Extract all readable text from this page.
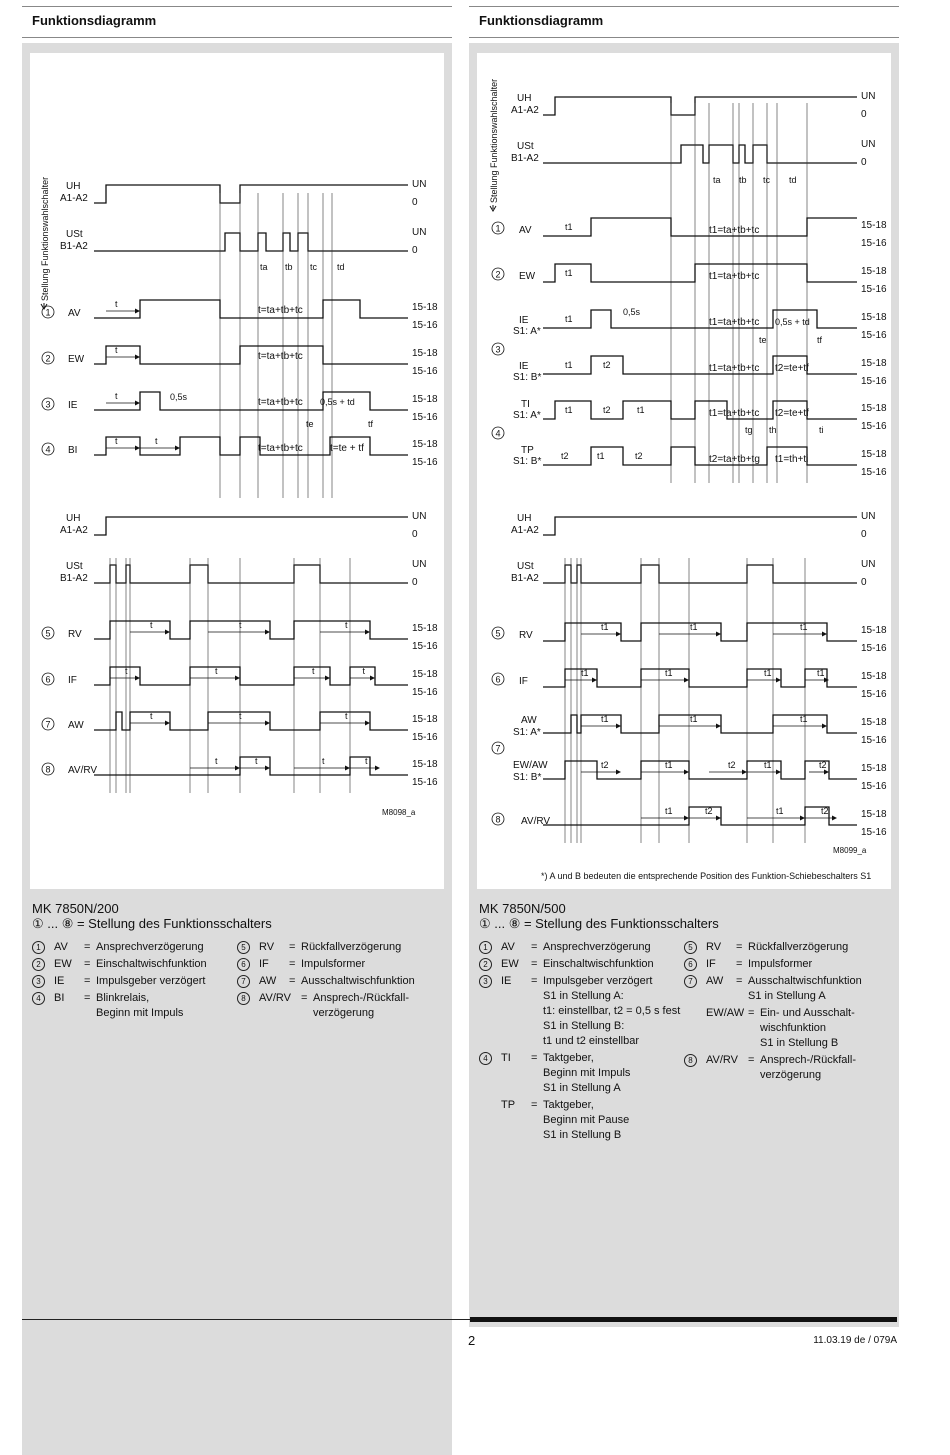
Funktionsdiagramm
Stellung Funktionswahlschalter UH
A1-A2
UN
0
USt
B1-A2
UN
0
ta tb tc td
1 AV
15-18
15-16
2 EW
15-18
15-16
3 IE
15-18
15-16
4 BI
15-18
15-16
t
t=ta+tb+tc
t
t=ta+tb+tc
t	0,5s	t=ta+tb+tc 0,5s + td
te	tf
t	t
t=ta+tb+tc	t=te + tf
UH
A1-A2
UN
0
USt
B1-A2
UN
0
5 RV
15-18
15-16
6 IF
15-18
15-16
7 AW
15-18
15-16
8 AV/RV
15-18
15-16
t	t	t
t	t	t	t
t	t	t
t	t	t	t
M8098_a
MK 7850N/200
① ... ⑧ = Stellung des Funktionsschalters
1	AV	= Ansprechverzögerung
2	EW	= Einschaltwischfunktion
3	IE	= Impulsgeber verzögert
4	BI	= Blinkrelais,
Beginn mit Impuls
5	RV	= Rückfallverzögerung
6	IF	= Impulsformer
7	AW	= Ausschaltwischfunktion
8	AV/RV = Ansprech-/Rückfall-
verzögerung
Funktionsdiagramm
Stellung Funktionswahlschalter UH
A1-A2
UN
0
USt
B1-A2
UN
0
ta tb tc td
1 AV	15-18
15-16
t1	t1=ta+tb+tc
2 EW	15-18
15-16
t1	t1=ta+tb+tc
3
IE
S1: A*
IE
S1: B*
15-18
15-16
15-18
15-16
t1
0,5s
t1=ta+tb+tc 0,5s + td
te	tf
t1	t2	t1=ta+tb+tc t2=te+tf
4
TI
S1: A*
TP
S1: B*
15-18
15-16
15-18
15-16
t1	t2	t1	t1=ta+tb+tc t2=te+tf
tg th	ti
t2	t1	t2	t2=ta+tb+tg t1=th+ti
UH
A1-A2
UN
0
USt
B1-A2
UN
0
5 RV	15-18
15-16
t1	t1	t1
6 IF	15-18
15-16
t1	t1	t1	t1
7
AW
S1: A*
EW/AW
S1: B*
15-18
15-16
15-18
15-16
t1	t1	t1
t2	t1	t2	t1	t2
8 AV/RV
15-18
15-16
t1	t2	t1	t2
M8099_a
*) A und B bedeuten die entsprechende Position des Funktion-Schiebeschalters S1
MK 7850N/500
① ... ⑧ = Stellung des Funktionsschalters
1	AV	= Ansprechverzögerung
2	EW	= Einschaltwischfunktion
3	IE	= Impulsgeber verzögert
S1 in Stellung A:
t1: einstellbar, t2 = 0,5 s fest
S1 in Stellung B:
t1 und t2 einstellbar
4	TI	= Taktgeber,
Beginn mit Impuls
S1 in Stellung A
TP	= Taktgeber,
Beginn mit Pause
S1 in Stellung B
5	RV	= Rückfallverzögerung
6	IF	= Impulsformer
7	AW	= Ausschaltwischfunktion
S1 in Stellung A
EW/AW = Ein- und Ausschalt-
wischfunktion
S1 in Stellung B
8	AV/RV = Ansprech-/Rückfall-
verzögerung
2	11.03.19 de / 079A
